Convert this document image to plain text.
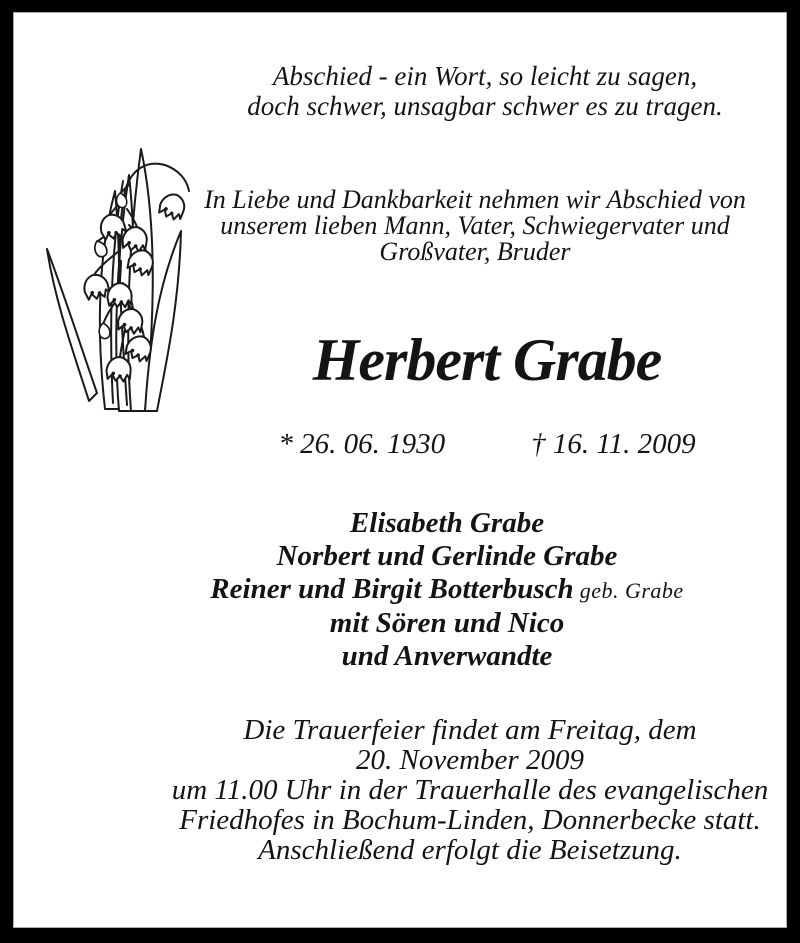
Abschied - ein Wort, so leicht zu sagen,
doch schwer, unsagbar schwer es zu tragen.
In Liebe und Dankbarkeit nehmen wir Abschied von
unserem lieben Mann, Vater, Schwiegervater und
Großvater, Bruder
Herbert Grabe
* 26. 06. 1930	† 16. 11. 2009
Elisabeth Grabe
Norbert und Gerlinde Grabe
Reiner und Birgit Botterbusch geb. Grabe
mit Sören und Nico
und Anverwandte
Die Trauerfeier findet am Freitag, dem
20. November 2009
um 11.00 Uhr in der Trauerhalle des evangelischen
Friedhofes in Bochum-Linden, Donnerbecke statt.
Anschließend erfolgt die Beisetzung.
